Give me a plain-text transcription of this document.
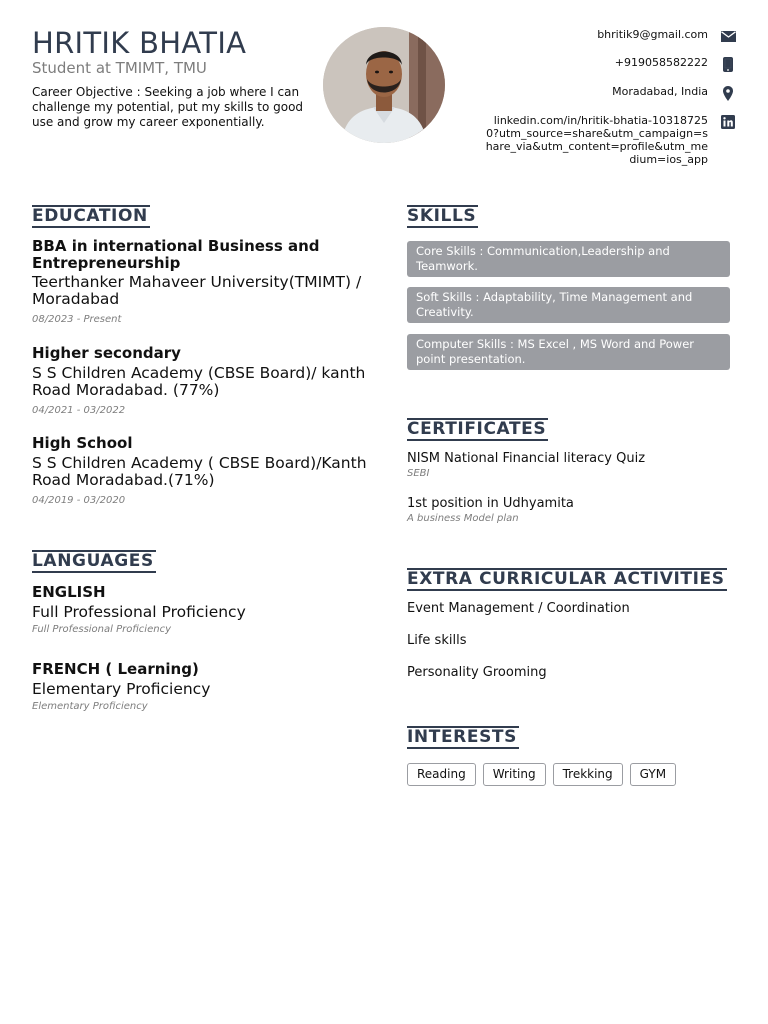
HRITIK BHATIA
Student at TMIMT, TMU
Career Objective : Seeking a job where I can challenge my potential, put my skills to good use and grow my career exponentially.
bhritik9@gmail.com
+919058582222
Moradabad, India
linkedin.com/in/hritik-bhatia-103187250?utm_source=share&utm_campaign=share_via&utm_content=profile&utm_medium=ios_app
EDUCATION
BBA in international Business and Entrepreneurship
Teerthanker Mahaveer University(TMIMT) / Moradabad
08/2023 - Present
Higher secondary
S S Children Academy (CBSE Board)/ kanth Road Moradabad. (77%)
04/2021 - 03/2022
High School
S S Children Academy ( CBSE Board)/Kanth Road Moradabad.(71%)
04/2019 - 03/2020
LANGUAGES
ENGLISH
Full Professional Proficiency
Full Professional Proficiency
FRENCH ( Learning)
Elementary Proficiency
Elementary Proficiency
SKILLS
Core Skills : Communication,Leadership and Teamwork.
Soft Skills : Adaptability, Time Management and Creativity.
Computer Skills : MS Excel , MS Word and Power point presentation.
CERTIFICATES
NISM National Financial literacy Quiz
SEBI
1st position in Udhyamita
A business Model plan
EXTRA CURRICULAR ACTIVITIES
Event Management / Coordination
Life skills
Personality Grooming
INTERESTS
Reading	Writing	Trekking	GYM
